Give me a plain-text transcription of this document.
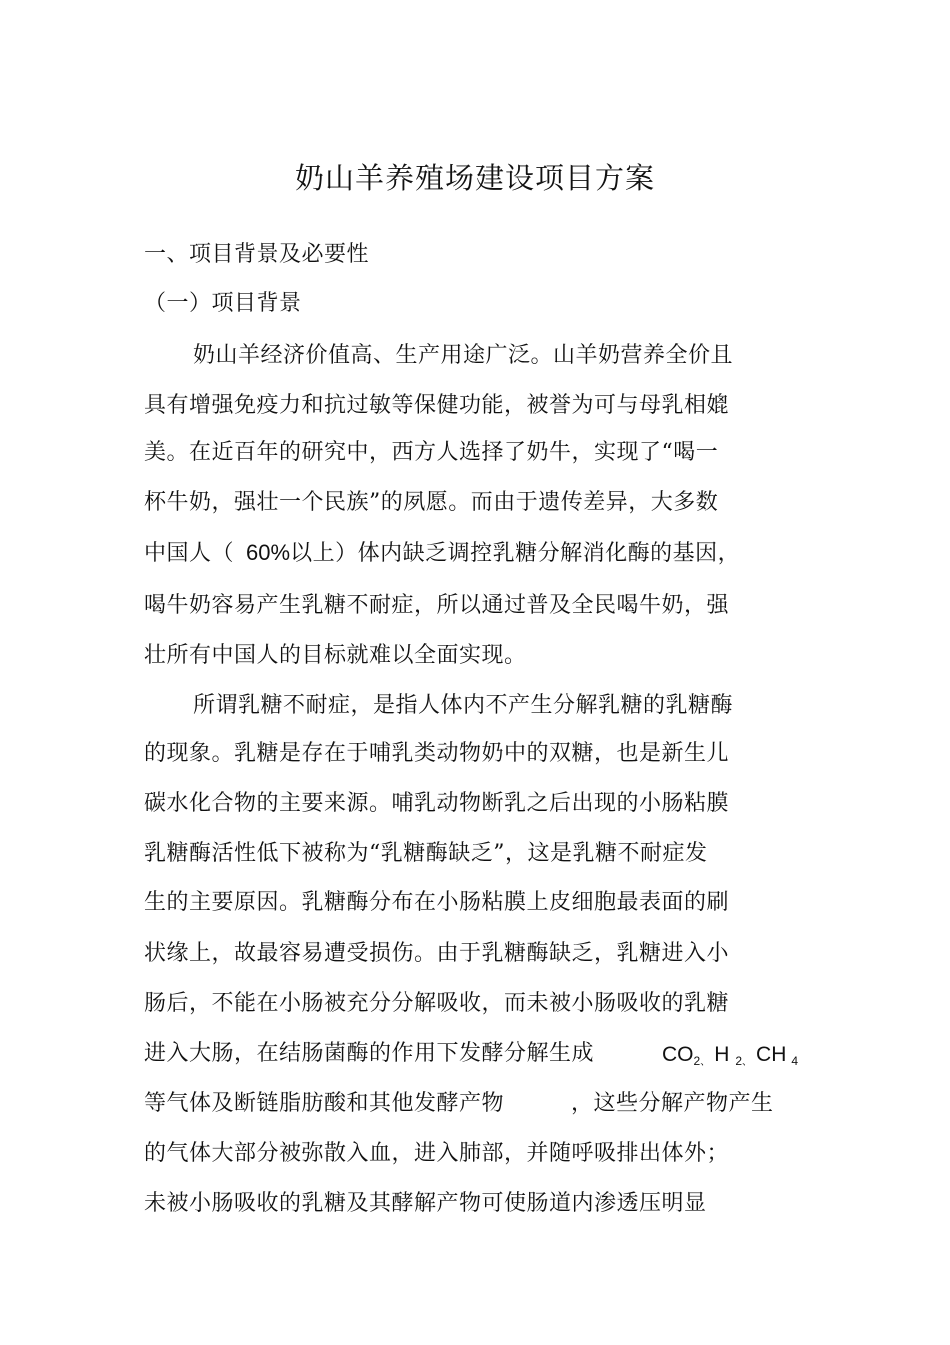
奶山羊养殖场建设项目方案
一、项目背景及必要性
（一）项目背景
奶山羊经济价值高、生产用途广泛。山羊奶营养全价且
具有增强免疫力和抗过敏等保健功能，被誉为可与母乳相媲
美。在近百年的研究中，西方人选择了奶牛，实现了“喝一
杯牛奶，强壮一个民族”的夙愿。而由于遗传差异，大多数
中国人（ 60%以上）体内缺乏调控乳糖分解消化酶的基因，
喝牛奶容易产生乳糖不耐症，所以通过普及全民喝牛奶，强
壮所有中国人的目标就难以全面实现。
所谓乳糖不耐症，是指人体内不产生分解乳糖的乳糖酶
的现象。乳糖是存在于哺乳类动物奶中的双糖，也是新生儿
碳水化合物的主要来源。哺乳动物断乳之后出现的小肠粘膜
乳糖酶活性低下被称为“乳糖酶缺乏”，这是乳糖不耐症发
生的主要原因。乳糖酶分布在小肠粘膜上皮细胞最表面的刷
状缘上，故最容易遭受损伤。由于乳糖酶缺乏，乳糖进入小
肠后，不能在小肠被充分分解吸收，而未被小肠吸收的乳糖
进入大肠，在结肠菌酶的作用下发酵分解生成	$CO_2$、 H $_2$、 CH $_4$
等气体及断链脂肪酸和其他发酵产物	，这些分解产物产生
的气体大部分被弥散入血，进入肺部，并随呼吸排出体外；
未被小肠吸收的乳糖及其酵解产物可使肠道内渗透压明显
